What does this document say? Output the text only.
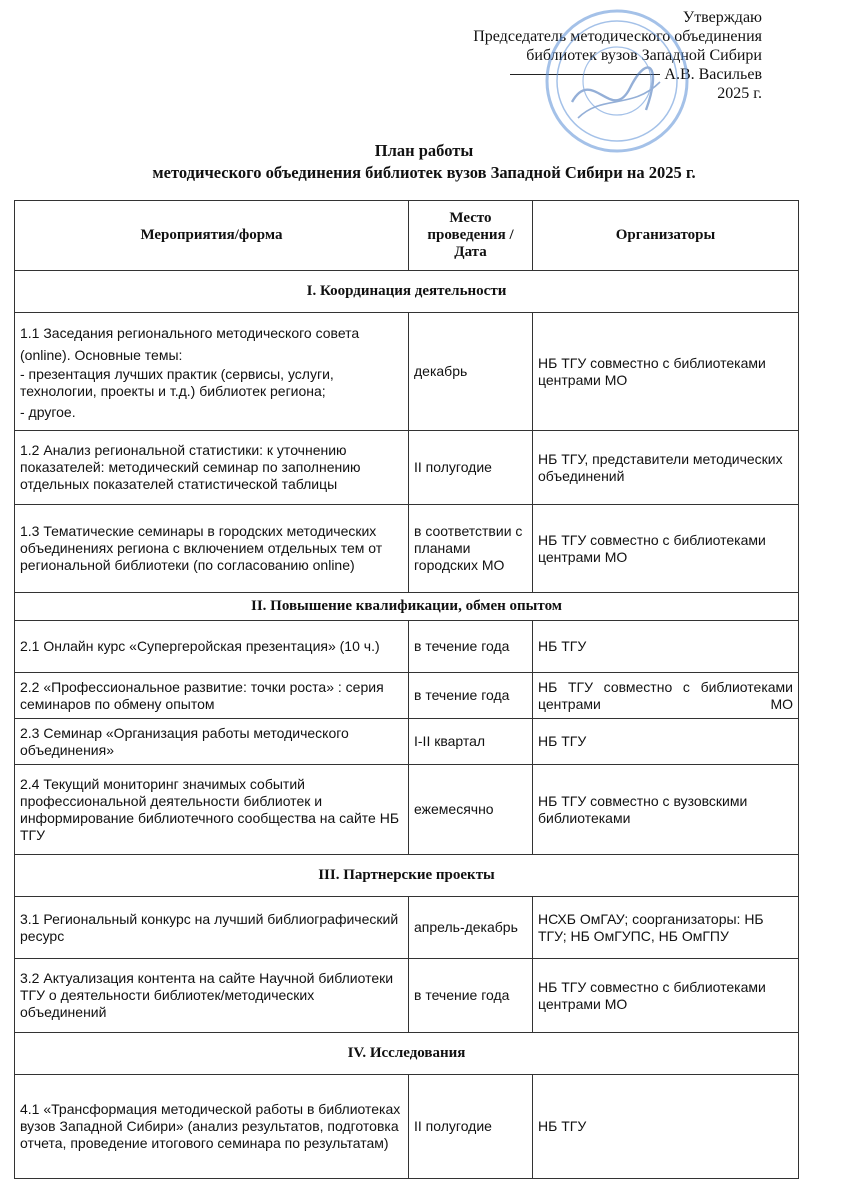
Утверждаю
Председатель методического объединения
библиотек вузов Западной Сибири
А.В. Васильев
2025 г.
План работы
методического объединения библиотек вузов Западной Сибири на 2025 г.
Мероприятия/форма	Место проведения / Дата	Организаторы
I. Координация деятельности		

1.1 Заседания регионального методического совета (online). Основные темы:
- презентация лучших практик (сервисы, услуги, технологии, проекты и т.д.) библиотек региона;
- другое.	декабрь	НБ ТГУ совместно с библиотеками центрами МО
1.2 Анализ региональной статистики: к уточнению показателей: методический семинар по заполнению отдельных показателей статистической таблицы	II полугодие	НБ ТГУ, представители методических объединений
1.3 Тематические семинары в городских методических объединениях региона с включением отдельных тем от региональной библиотеки (по согласованию online)	в соответствии с планами городских МО	НБ ТГУ совместно с библиотеками центрами МО
II. Повышение квалификации, обмен опытом		
2.1 Онлайн курс «Супергеройская презентация» (10 ч.)	в течение года	НБ ТГУ
2.2 «Профессиональное развитие: точки роста» : серия семинаров по обмену опытом	в течение года	НБ ТГУ совместно с библиотеками центрами МО
2.3 Семинар «Организация работы методического объединения»	I-II квартал	НБ ТГУ
2.4 Текущий мониторинг значимых событий профессиональной деятельности библиотек и информирование библиотечного сообщества на сайте НБ ТГУ	ежемесячно	НБ ТГУ совместно с вузовскими библиотеками
III. Партнерские проекты		
3.1 Региональный конкурс на лучший библиографический ресурс	апрель-декабрь	НСХБ ОмГАУ; соорганизаторы: НБ ТГУ; НБ ОмГУПС, НБ ОмГПУ
3.2 Актуализация контента на сайте Научной библиотеки ТГУ о деятельности библиотек/методических объединений	в течение года	НБ ТГУ совместно с библиотеками центрами МО
IV. Исследования		
4.1 «Трансформация методической работы в библиотеках вузов Западной Сибири» (анализ результатов, подготовка отчета, проведение итогового семинара по результатам)	II полугодие	НБ ТГУ
